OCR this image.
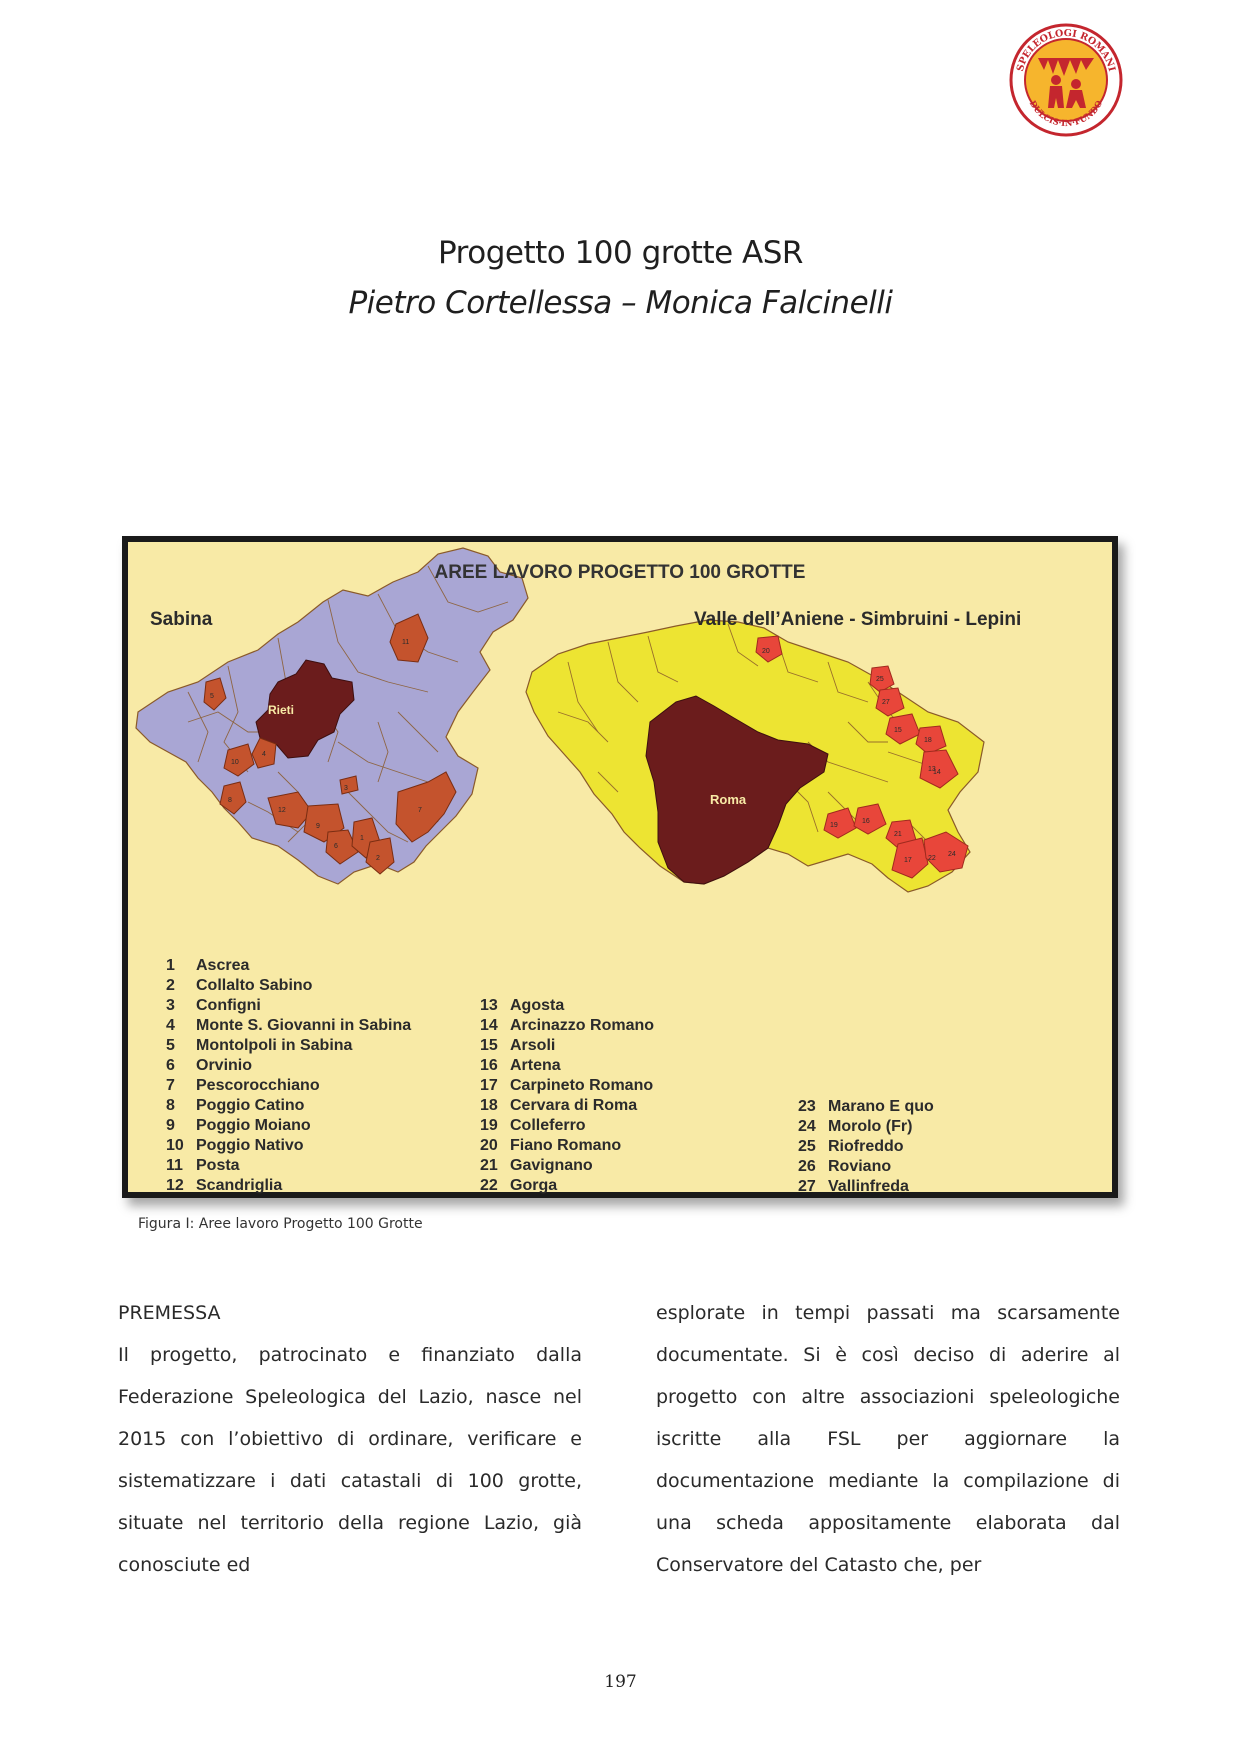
SPELEOLOGI ROMANI
DULCIS·IN·FUNDO
Progetto 100 grotte ASR
Pietro Cortellessa – Monica Falcinelli
11
5
4
10
8
12
9
6
1
2
3
7
20
25
27
15
18
13
14
19
16
21
17 22
24
Rieti
Roma
AREE LAVORO PROGETTO 100 GROTTE
Sabina	Valle dell’Aniene - Simbruini - Lepini
1	Ascrea
2	Collalto Sabino
3	Configni
4	Monte S. Giovanni in Sabina
5	Montolpoli in Sabina
6	Orvinio
7	Pescorocchiano
8	Poggio Catino
9	Poggio Moiano
10 Poggio Nativo
11 Posta
12 Scandriglia
13 Agosta
14 Arcinazzo Romano
15 Arsoli
16 Artena
17 Carpineto Romano
18 Cervara di Roma
19 Colleferro
20 Fiano Romano
21 Gavignano
22 Gorga
23 Marano E quo
24 Morolo (Fr)
25 Riofreddo
26 Roviano
27 Vallinfreda
Figura I: Aree lavoro Progetto 100 Grotte
PREMESSA

Il progetto, patrocinato e finanziato dalla Federazione Speleologica del Lazio, nasce nel 2015 con l’obiettivo di ordinare, verificare e sistematizzare i dati catastali di 100 grotte, situate nel territorio della regione Lazio, già conosciute ed

esplorate in tempi passati ma scarsamente documentate. Si è così deciso di aderire al progetto con altre associazioni speleologiche iscritte alla FSL per aggiornare la documentazione mediante la compilazione di una scheda appositamente elaborata dal Conservatore del Catasto che, per

197
